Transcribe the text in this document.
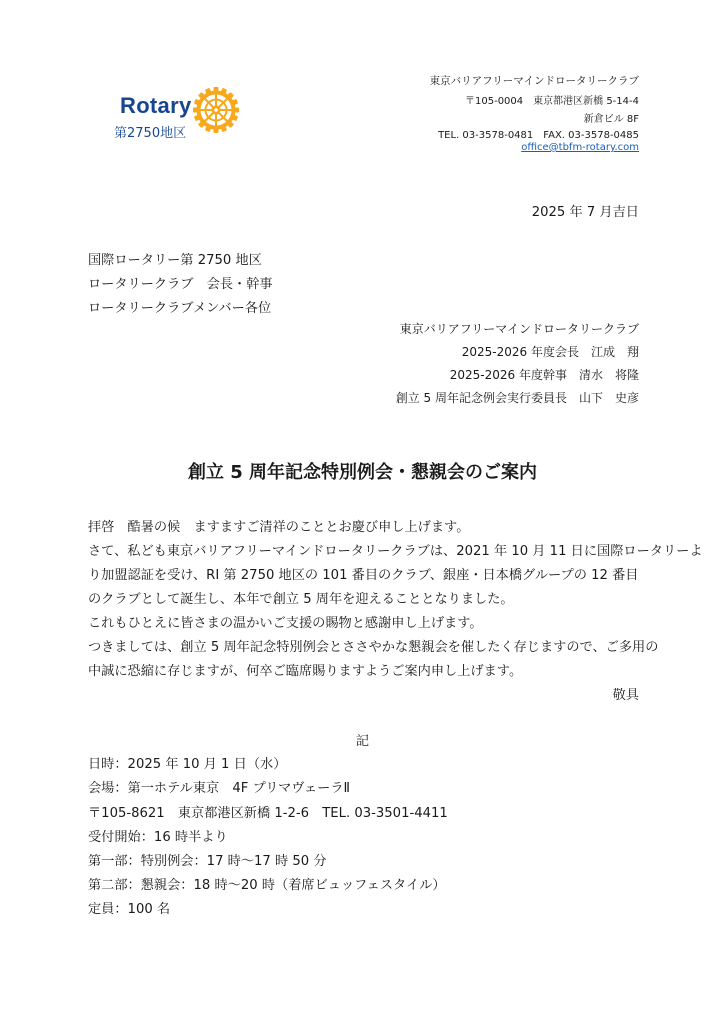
Rotary
第2750地区
東京バリアフリーマインドロータリークラブ
〒105-0004　東京都港区新橋 5-14-4
新倉ビル 8F
TEL. 03-3578-0481　FAX. 03-3578-0485
office@tbfm-rotary.com
2025 年 7 月吉日
国際ロータリー第 2750 地区
ロータリークラブ　会長・幹事
ロータリークラブメンバー各位
東京バリアフリーマインドロータリークラブ
2025-2026 年度会長　江成　翔
2025-2026 年度幹事　清水　将隆
創立 5 周年記念例会実行委員長　山下　史彦
創立 5 周年記念特別例会・懇親会のご案内
拝啓　酷暑の候　ますますご清祥のこととお慶び申し上げます。
さて、私ども東京バリアフリーマインドロータリークラブは、2021 年 10 月 11 日に国際ロータリーよ
り加盟認証を受け、RI 第 2750 地区の 101 番目のクラブ、銀座・日本橋グループの 12 番目
のクラブとして誕生し、本年で創立 5 周年を迎えることとなりました。
これもひとえに皆さまの温かいご支援の賜物と感謝申し上げます。
つきましては、創立 5 周年記念特別例会とささやかな懇親会を催したく存じますので、ご多用の
中誠に恐縮に存じますが、何卒ご臨席賜りますようご案内申し上げます。
敬具
記
日時：2025 年 10 月 1 日（水）
会場：第一ホテル東京　4F プリマヴェーラⅡ
〒105-8621　東京都港区新橋 1-2-6　TEL. 03-3501-4411
受付開始：16 時半より
第一部：特別例会：17 時～17 時 50 分
第二部：懇親会：18 時～20 時（着席ビュッフェスタイル）
定員：100 名
